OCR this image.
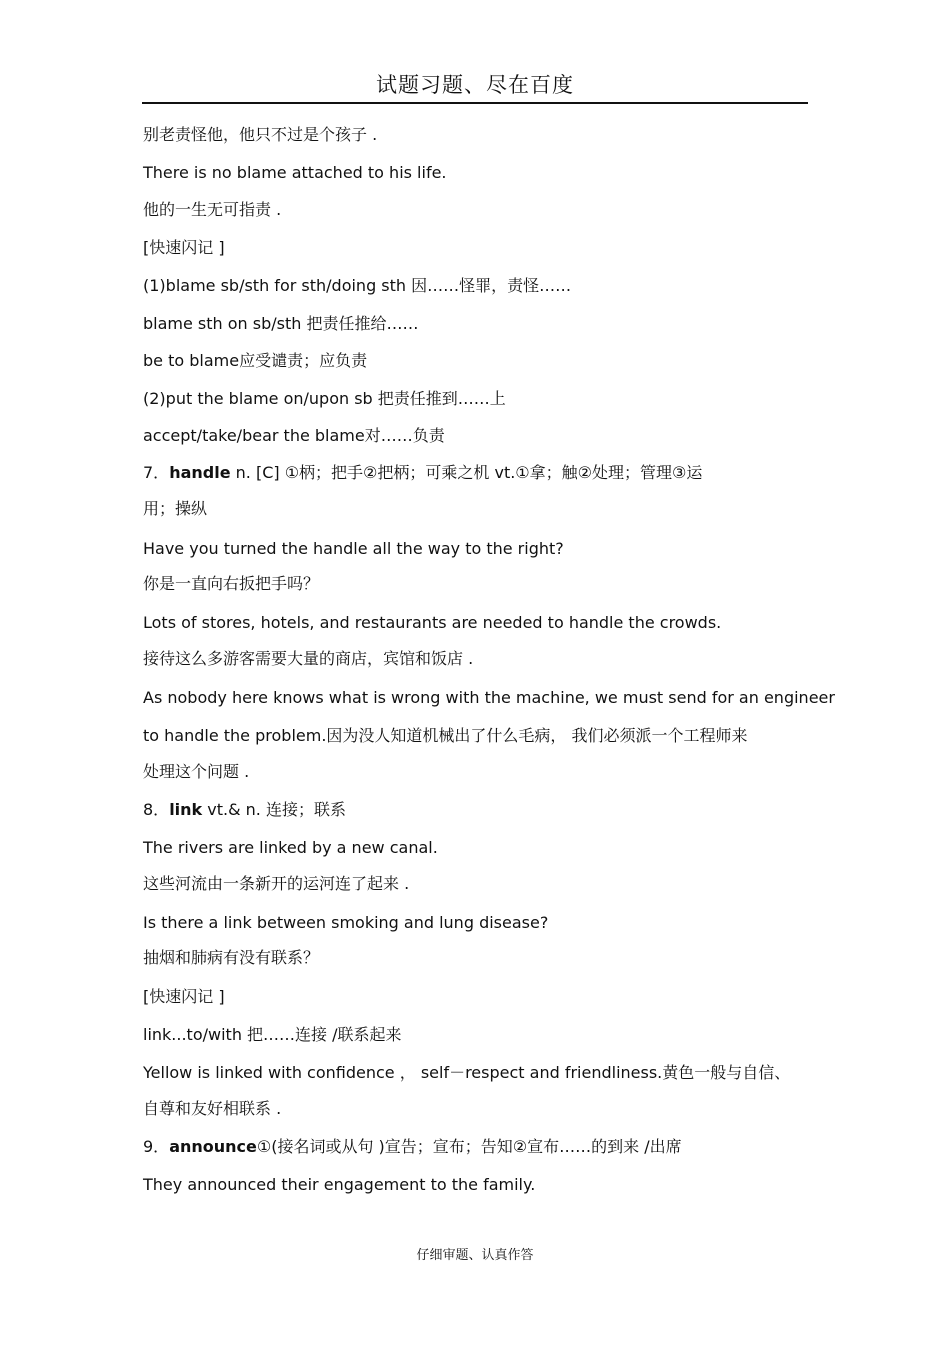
试题习题、尽在百度
别老责怪他，他只不过是个孩子 .
There is no blame attached to his life.
他的一生无可指责 .
[快速闪记 ]
(1)blame sb/sth for sth/doing sth 因……怪罪，责怪……
blame sth on sb/sth 把责任推给……
be to blame应受谴责；应负责
(2)put the blame on/upon sb 把责任推到……上
accept/take/bear the blame对……负责
7．handle n. [C] ①柄；把手②把柄；可乘之机 vt.①拿；触②处理；管理③运
用；操纵
Have you turned the handle all the way to the right?
你是一直向右扳把手吗？
Lots of stores, hotels, and restaurants are needed to handle the crowds.
接待这么多游客需要大量的商店，宾馆和饭店 .
As nobody here knows what is wrong with the machine, we must send for an engineer
to handle the problem.因为没人知道机械出了什么毛病， 我们必须派一个工程师来
处理这个问题 .
8．link vt.& n. 连接；联系
The rivers are linked by a new canal.
这些河流由一条新开的运河连了起来 .
Is there a link between smoking and lung disease?
抽烟和肺病有没有联系？
[快速闪记 ]
link...to/with 把……连接 /联系起来
Yellow is linked with confidence ， self－respect and friendliness.黄色一般与自信、
自尊和友好相联系 .
9．announce①(接名词或从句 )宣告；宣布；告知②宣布……的到来 /出席
They announced their engagement to the family.
仔细审题、认真作答
